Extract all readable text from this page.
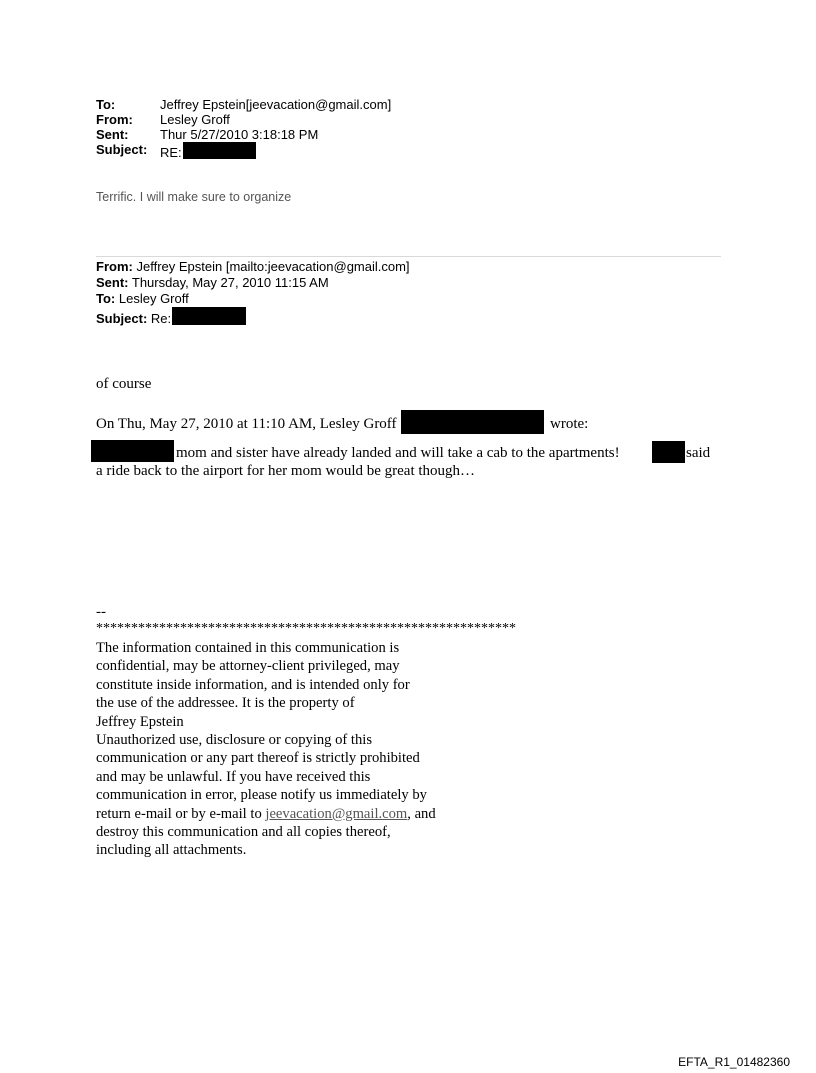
To:	Jeffrey Epstein[jeevacation@gmail.com]
From: Lesley Groff
Sent: Thur 5/27/2010 3:18:18 PM
Subject: RE:
Terrific. I will make sure to organize
From: Jeffrey Epstein [mailto:jeevacation@gmail.com]
Sent: Thursday, May 27, 2010 11:15 AM
To: Lesley Groff
Subject: Re:
of course
On Thu, May 27, 2010 at 11:10 AM, Lesley Groff	wrote:
mom and sister have already landed and will take a cab to the apartments!	said
a ride back to the airport for her mom would be great though…
--
************************************************************
The information contained in this communication is
confidential, may be attorney-client privileged, may
constitute inside information, and is intended only for
the use of the addressee. It is the property of
Jeffrey Epstein
Unauthorized use, disclosure or copying of this
communication or any part thereof is strictly prohibited
and may be unlawful. If you have received this
communication in error, please notify us immediately by
return e-mail or by e-mail to jeevacation@gmail.com, and
destroy this communication and all copies thereof,
including all attachments.
EFTA_R1_01482360
